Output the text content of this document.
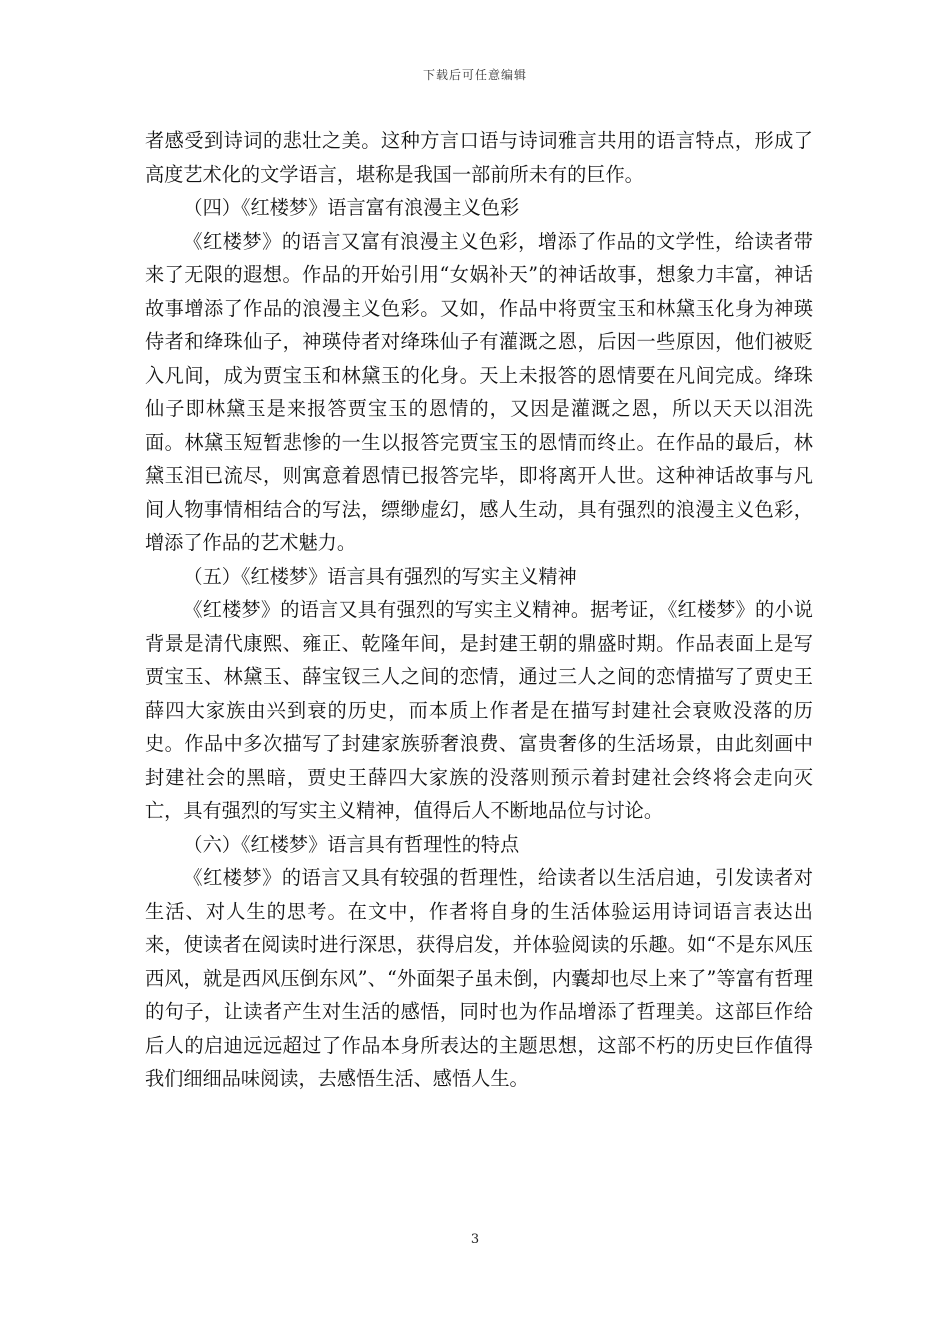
下载后可任意编辑

者感受到诗词的悲壮之美。这种方言口语与诗词雅言共用的语言特点，形成了高度艺术化的文学语言，堪称是我国一部前所未有的巨作。

（四）《红楼梦》语言富有浪漫主义色彩

《红楼梦》的语言又富有浪漫主义色彩，增添了作品的文学性，给读者带来了无限的遐想。作品的开始引用“女娲补天”的神话故事，想象力丰富，神话故事增添了作品的浪漫主义色彩。又如，作品中将贾宝玉和林黛玉化身为神瑛侍者和绛珠仙子，神瑛侍者对绛珠仙子有灌溉之恩，后因一些原因，他们被贬入凡间，成为贾宝玉和林黛玉的化身。天上未报答的恩情要在凡间完成。绛珠仙子即林黛玉是来报答贾宝玉的恩情的，又因是灌溉之恩，所以天天以泪洗面。林黛玉短暂悲惨的一生以报答完贾宝玉的恩情而终止。在作品的最后，林黛玉泪已流尽，则寓意着恩情已报答完毕，即将离开人世。这种神话故事与凡间人物事情相结合的写法，缥缈虚幻，感人生动，具有强烈的浪漫主义色彩，增添了作品的艺术魅力。

（五）《红楼梦》语言具有强烈的写实主义精神

《红楼梦》的语言又具有强烈的写实主义精神。据考证，《红楼梦》的小说背景是清代康熙、雍正、乾隆年间，是封建王朝的鼎盛时期。作品表面上是写贾宝玉、林黛玉、薛宝钗三人之间的恋情，通过三人之间的恋情描写了贾史王薛四大家族由兴到衰的历史，而本质上作者是在描写封建社会衰败没落的历史。作品中多次描写了封建家族骄奢浪费、富贵奢侈的生活场景，由此刻画中封建社会的黑暗，贾史王薛四大家族的没落则预示着封建社会终将会走向灭亡，具有强烈的写实主义精神，值得后人不断地品位与讨论。

（六）《红楼梦》语言具有哲理性的特点

《红楼梦》的语言又具有较强的哲理性，给读者以生活启迪，引发读者对生活、对人生的思考。在文中，作者将自身的生活体验运用诗词语言表达出来，使读者在阅读时进行深思，获得启发，并体验阅读的乐趣。如“不是东风压西风，就是西风压倒东风”、“外面架子虽未倒，内囊却也尽上来了”等富有哲理的句子，让读者产生对生活的感悟，同时也为作品增添了哲理美。这部巨作给后人的启迪远远超过了作品本身所表达的主题思想，这部不朽的历史巨作值得我们细细品味阅读，去感悟生活、感悟人生。

3
